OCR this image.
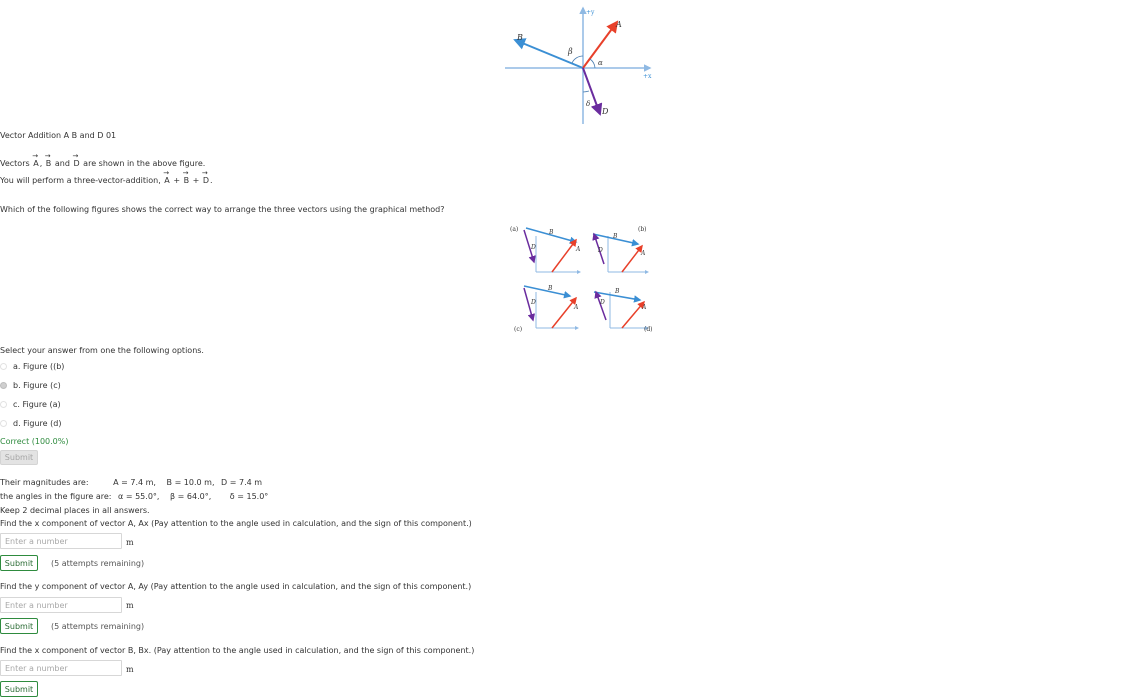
+y
+x
A
B
D
β
α
δ
Vector Addition A B and D 01
Vectors → A, → B and → D are shown in the above figure.
You will perform a three-vector-addition, → A + → B + → D.
Which of the following figures shows the correct way to arrange the three vectors using the graphical method?
(a)	(b)
(c)	(d)
B
D	A
B
D	A
B
D
A
B
D
A
Select your answer from one the following options.
a. Figure ((b)
b. Figure (c)
c. Figure (a)
d. Figure (d)
Correct (100.0%)
Submit
Their magnitudes are:	A = 7.4 m, B = 10.0 m, D = 7.4 m
the angles in the figure are: α = 55.0°, β = 64.0°, δ = 15.0°
Keep 2 decimal places in all answers.
Find the x component of vector A, Ax (Pay attention to the angle used in calculation, and the sign of this component.)
Enter a number
m
Submit	(5 attempts remaining)
Find the y component of vector A, Ay (Pay attention to the angle used in calculation, and the sign of this component.)
Enter a number
m
Submit	(5 attempts remaining)
Find the x component of vector B, Bx. (Pay attention to the angle used in calculation, and the sign of this component.)
Enter a number
m
Submit
